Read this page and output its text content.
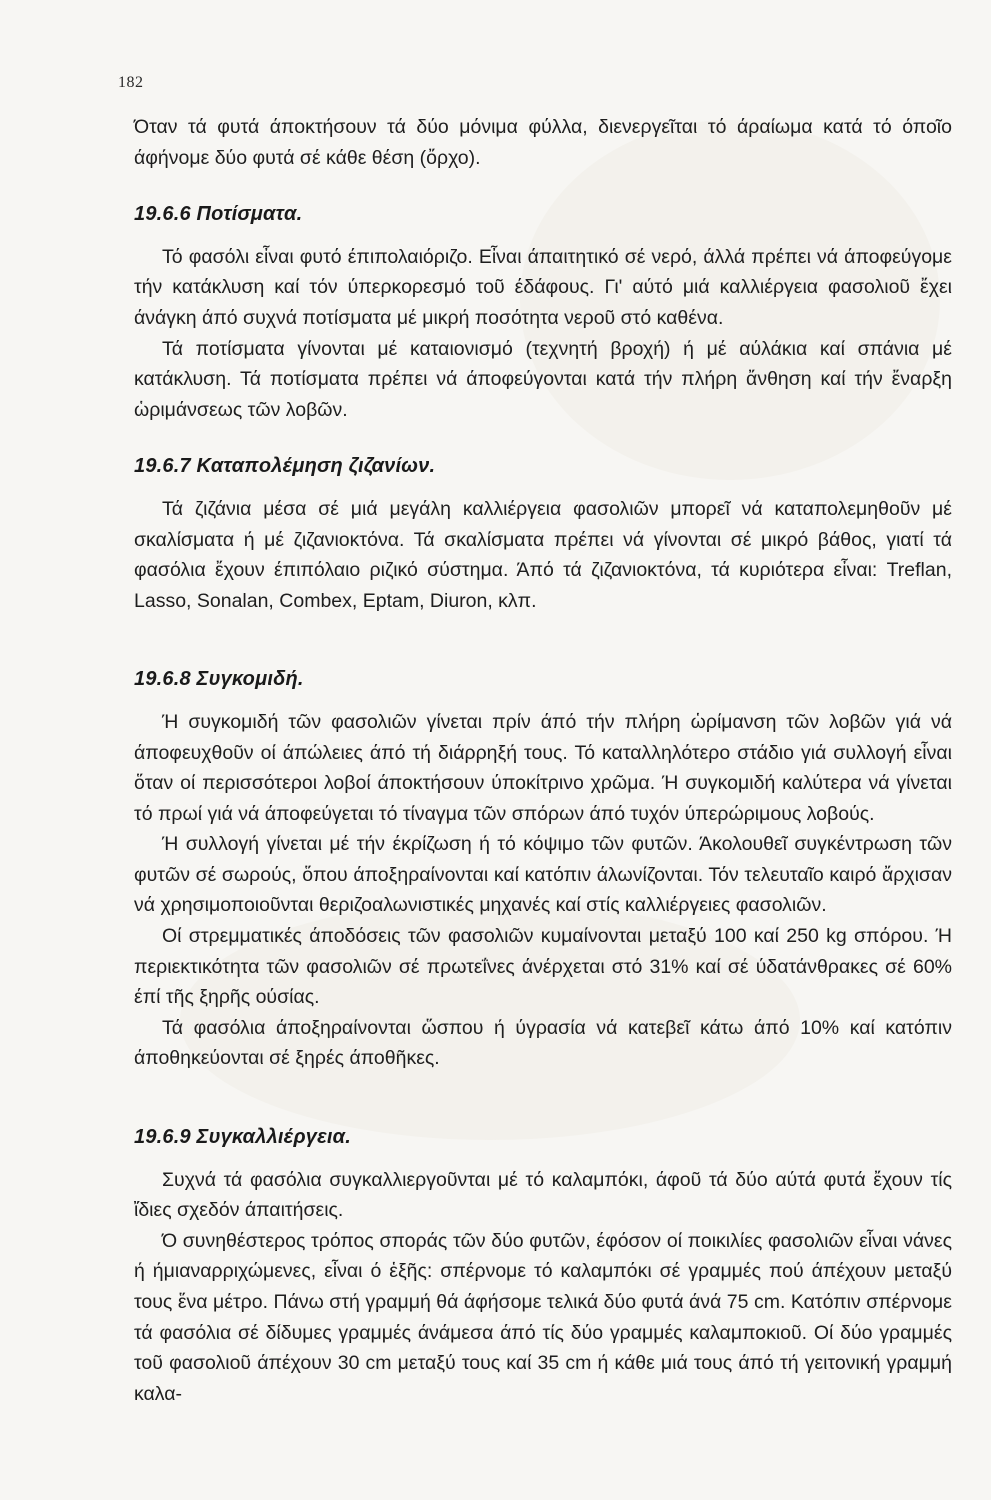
182

Όταν τά φυτά άποκτήσουν τά δύο μόνιμα φύλλα, διενεργεῖται τό άραίωμα κατά τό όποῖο άφήνομε δύο φυτά σέ κάθε θέση (ὄρχο).

19.6.6 Ποτίσματα.

Τό φασόλι εἶναι φυτό έπιπολαιόριζο. Εἶναι άπαιτητικό σέ νερό, άλλά πρέπει νά άποφεύγομε τήν κατάκλυση καί τόν ύπερκορεσμό τοῦ έδάφους. Γι' αύτό μιά καλλιέργεια φασολιοῦ ἔχει άνάγκη άπό συχνά ποτίσματα μέ μικρή ποσότητα νεροῦ στό καθένα.

Τά ποτίσματα γίνονται μέ καταιονισμό (τεχνητή βροχή) ή μέ αύλάκια καί σπάνια μέ κατάκλυση. Τά ποτίσματα πρέπει νά άποφεύγονται κατά τήν πλήρη ἄνθηση καί τήν ἔναρξη ὡριμάνσεως τῶν λοβῶν.

19.6.7 Καταπολέμηση ζιζανίων.

Τά ζιζάνια μέσα σέ μιά μεγάλη καλλιέργεια φασολιῶν μπορεῖ νά καταπολεμηθοῦν μέ σκαλίσματα ή μέ ζιζανιοκτόνα. Τά σκαλίσματα πρέπει νά γίνονται σέ μικρό βάθος, γιατί τά φασόλια ἔχουν έπιπόλαιο ριζικό σύστημα. Άπό τά ζιζανιοκτόνα, τά κυριότερα εἶναι: Treflan, Lasso, Sonalan, Combex, Eptam, Diuron, κλπ.

19.6.8 Συγκομιδή.

Ή συγκομιδή τῶν φασολιῶν γίνεται πρίν άπό τήν πλήρη ὡρίμανση τῶν λοβῶν γιά νά άποφευχθοῦν οί άπώλειες άπό τή διάρρηξή τους. Τό καταλληλότερο στάδιο γιά συλλογή εἶναι ὅταν οί περισσότεροι λοβοί άποκτήσουν ύποκίτρινο χρῶμα. Ή συγκομιδή καλύτερα νά γίνεται τό πρωί γιά νά άποφεύγεται τό τίναγμα τῶν σπόρων άπό τυχόν ύπερώριμους λοβούς.

Ή συλλογή γίνεται μέ τήν έκρίζωση ή τό κόψιμο τῶν φυτῶν. Άκολουθεῖ συγκέντρωση τῶν φυτῶν σέ σωρούς, ὅπου άποξηραίνονται καί κατόπιν άλωνίζονται. Τόν τελευταῖο καιρό ἄρχισαν νά χρησιμοποιοῦνται θεριζοαλωνιστικές μηχανές καί στίς καλλιέργειες φασολιῶν.

Οί στρεμματικές άποδόσεις τῶν φασολιῶν κυμαίνονται μεταξύ 100 καί 250 kg σπόρου. Ή περιεκτικότητα τῶν φασολιῶν σέ πρωτεΐνες άνέρχεται στό 31% καί σέ ύδατάνθρακες σέ 60% έπί τῆς ξηρῆς ούσίας.

Τά φασόλια άποξηραίνονται ὥσπου ή ύγρασία νά κατεβεῖ κάτω άπό 10% καί κατόπιν άποθηκεύονται σέ ξηρές άποθῆκες.

19.6.9 Συγκαλλιέργεια.

Συχνά τά φασόλια συγκαλλιεργοῦνται μέ τό καλαμπόκι, άφοῦ τά δύο αύτά φυτά ἔχουν τίς ἴδιες σχεδόν άπαιτήσεις.

Ό συνηθέστερος τρόπος σποράς τῶν δύο φυτῶν, έφόσον οί ποικιλίες φασολιῶν εἶναι νάνες ή ήμιαναρριχώμενες, εἶναι ό ἑξῆς: σπέρνομε τό καλαμπόκι σέ γραμμές πού άπέχουν μεταξύ τους ἕνα μέτρο. Πάνω στή γραμμή θά άφήσομε τελικά δύο φυτά άνά 75 cm. Κατόπιν σπέρνομε τά φασόλια σέ δίδυμες γραμμές άνάμεσα άπό τίς δύο γραμμές καλαμποκιοῦ. Οί δύο γραμμές τοῦ φασολιοῦ άπέχουν 30 cm μεταξύ τους καί 35 cm ή κάθε μιά τους άπό τή γειτονική γραμμή καλα-
